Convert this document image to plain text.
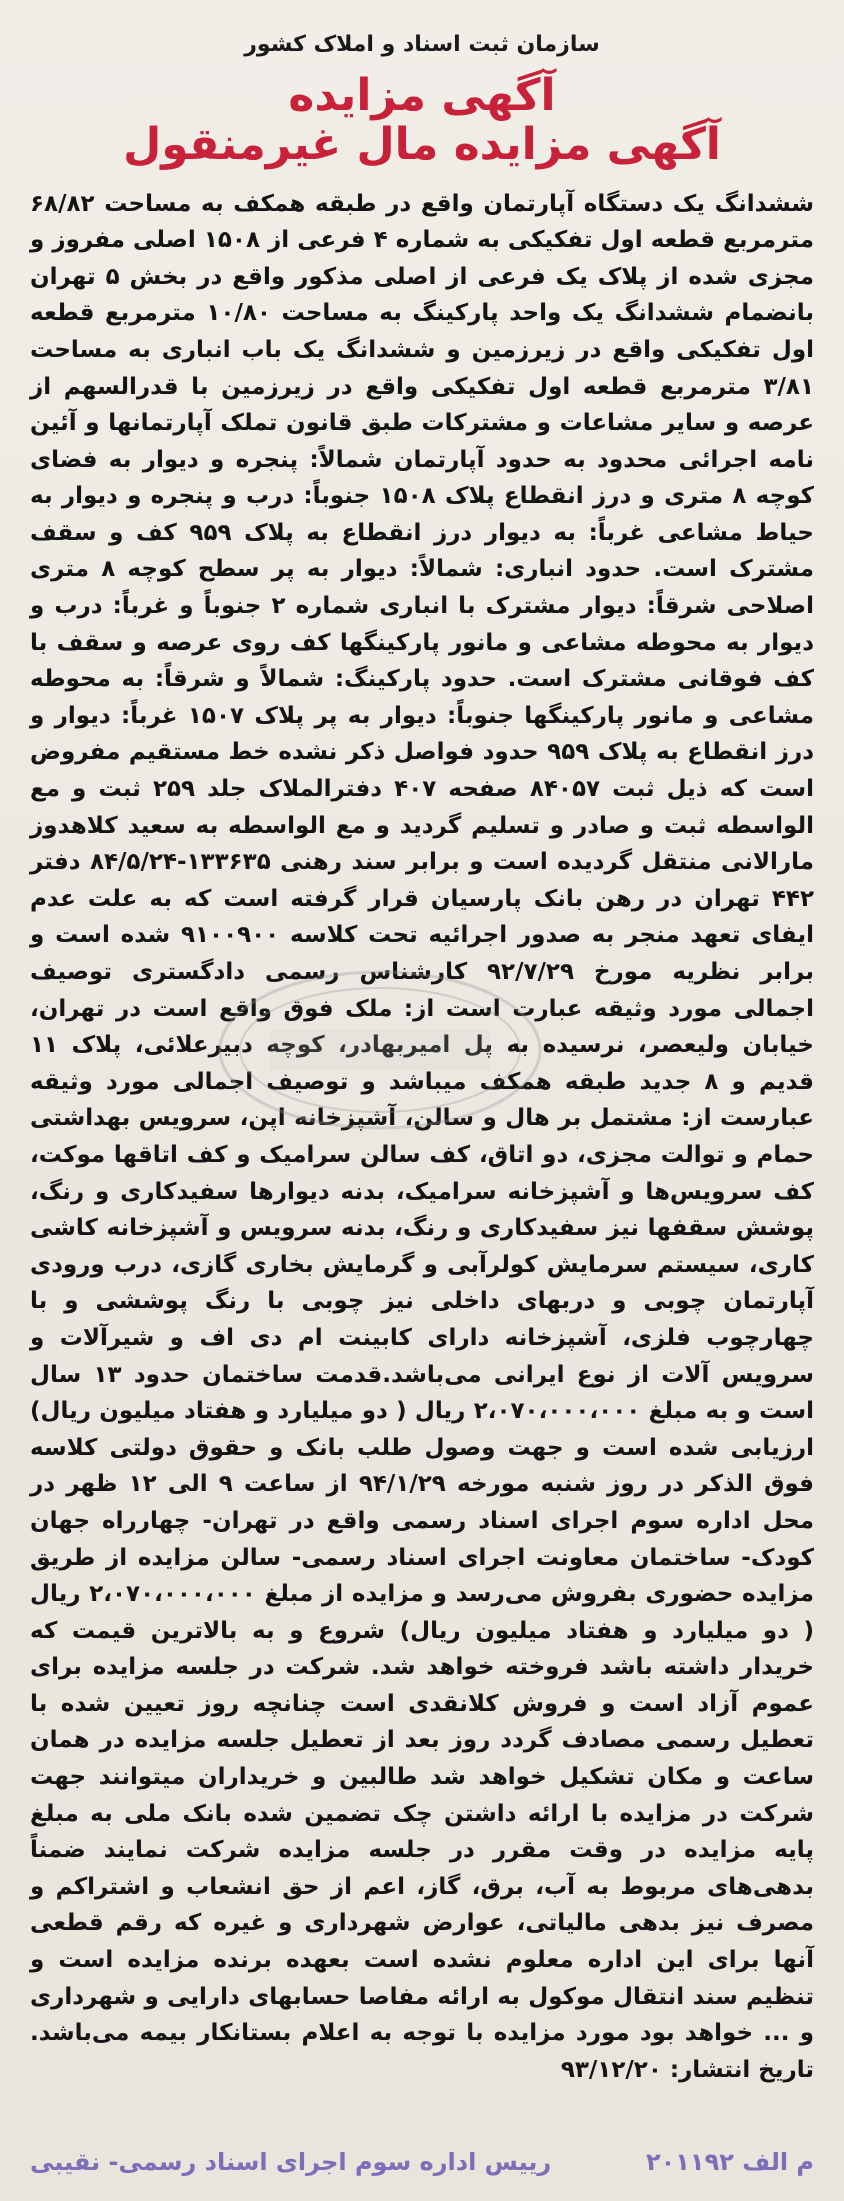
سازمان ثبت اسناد و املاک کشور
آگهی مزایده
آگهی مزایده مال غیرمنقول

ششدانگ یک دستگاه آپارتمان واقع در طبقه همکف به مساحت ۶۸/۸۲ مترمربع قطعه اول تفکیکی به شماره ۴ فرعی از ۱۵۰۸ اصلی مفروز و مجزی شده از پلاک یک فرعی از اصلی مذکور واقع در بخش ۵ تهران بانضمام ششدانگ یک واحد پارکینگ به مساحت ۱۰/۸۰ مترمربع قطعه اول تفکیکی واقع در زیرزمین و ششدانگ یک باب انباری به مساحت ۳/۸۱ مترمربع قطعه اول تفکیکی واقع در زیرزمین با قدرالسهم از عرصه و سایر مشاعات و مشترکات طبق قانون تملک آپارتمانها و آئین نامه اجرائی محدود به حدود آپارتمان شمالاً: پنجره و دیوار به فضای کوچه ۸ متری و درز انقطاع پلاک ۱۵۰۸ جنوباً: درب و پنجره و دیوار به حیاط مشاعی غرباً: به دیوار درز انقطاع به پلاک ۹۵۹ کف و سقف مشترک است. حدود انباری: شمالاً: دیوار به پر سطح کوچه ۸ متری اصلاحی شرقاً: دیوار مشترک با انباری شماره ۲ جنوباً و غرباً: درب و دیوار به محوطه مشاعی و مانور پارکینگها کف روی عرصه و سقف با کف فوقانی مشترک است. حدود پارکینگ: شمالاً و شرقاً: به محوطه مشاعی و مانور پارکینگها جنوباً: دیوار به پر پلاک ۱۵۰۷ غرباً: دیوار و درز انقطاع به پلاک ۹۵۹ حدود فواصل ذکر نشده خط مستقیم مفروض است که ذیل ثبت ۸۴۰۵۷ صفحه ۴۰۷ دفترالملاک جلد ۲۵۹ ثبت و مع الواسطه ثبت و صادر و تسلیم گردید و مع الواسطه به سعید کلاهدوز مارالانی منتقل گردیده است و برابر سند رهنی ۱۳۳۶۳۵-۸۴/۵/۲۴ دفتر ۴۴۲ تهران در رهن بانک پارسیان قرار گرفته است که به علت عدم ایفای تعهد منجر به صدور اجرائیه تحت کلاسه ۹۱۰۰۹۰۰ شده است و برابر نظریه مورخ ۹۲/۷/۲۹ کارشناس رسمی دادگستری توصیف اجمالی مورد وثیقه عبارت است از: ملک فوق واقع است در تهران، خیابان ولیعصر، نرسیده به پل امیربهادر، کوچه دبیرعلائی، پلاک ۱۱ قدیم و ۸ جدید طبقه همکف میباشد و توصیف اجمالی مورد وثیقه عبارست از: مشتمل بر هال و سالن، آشپزخانه اپن، سرویس بهداشتی حمام و توالت مجزی، دو اتاق، کف سالن سرامیک و کف اتاقها موکت، کف سرویس‌ها و آشپزخانه سرامیک، بدنه دیوارها سفیدکاری و رنگ، پوشش سقفها نیز سفیدکاری و رنگ، بدنه سرویس و آشپزخانه کاشی کاری، سیستم سرمایش کولرآبی و گرمایش بخاری گازی، درب ورودی آپارتمان چوبی و دربهای داخلی نیز چوبی با رنگ پوششی و با چهارچوب فلزی، آشپزخانه دارای کابینت ام دی اف و شیرآلات و سرویس آلات از نوع ایرانی می‌باشد.قدمت ساختمان حدود ۱۳ سال است و به مبلغ ۲،۰۷۰،۰۰۰،۰۰۰ ریال ( دو میلیارد و هفتاد میلیون ریال) ارزیابی شده است و جهت وصول طلب بانک و حقوق دولتی کلاسه فوق الذکر در روز شنبه مورخه ۹۴/۱/۲۹ از ساعت ۹ الی ۱۲ ظهر در محل اداره سوم اجرای اسناد رسمی واقع در تهران- چهارراه جهان کودک- ساختمان معاونت اجرای اسناد رسمی- سالن مزایده از طریق مزایده حضوری بفروش می‌رسد و مزایده از مبلغ ۲،۰۷۰،۰۰۰،۰۰۰ ریال ( دو میلیارد و هفتاد میلیون ریال) شروع و به بالاترین قیمت که خریدار داشته باشد فروخته خواهد شد. شرکت در جلسه مزایده برای عموم آزاد است و فروش کلانقدی است چنانچه روز تعیین شده با تعطیل رسمی مصادف گردد روز بعد از تعطیل جلسه مزایده در همان ساعت و مکان تشکیل خواهد شد طالبین و خریداران میتوانند جهت شرکت در مزایده با ارائه داشتن چک تضمین شده بانک ملی به مبلغ پایه مزایده در وقت مقرر در جلسه مزایده شرکت نمایند ضمناً بدهی‌های مربوط به آب، برق، گاز، اعم از حق انشعاب و اشتراکم و مصرف نیز بدهی مالیاتی، عوارض شهرداری و غیره که رقم قطعی آنها برای این اداره معلوم نشده است بعهده برنده مزایده است و تنظیم سند انتقال موکول به ارائه مفاصا حسابهای دارایی و شهرداری و ... خواهد بود مورد مزایده با توجه به اعلام بستانکار بیمه می‌باشد. تاریخ انتشار: ۹۳/۱۲/۲۰

م الف ۲۰۱۱۹۲
رییس اداره سوم اجرای اسناد رسمی- نقیبی
